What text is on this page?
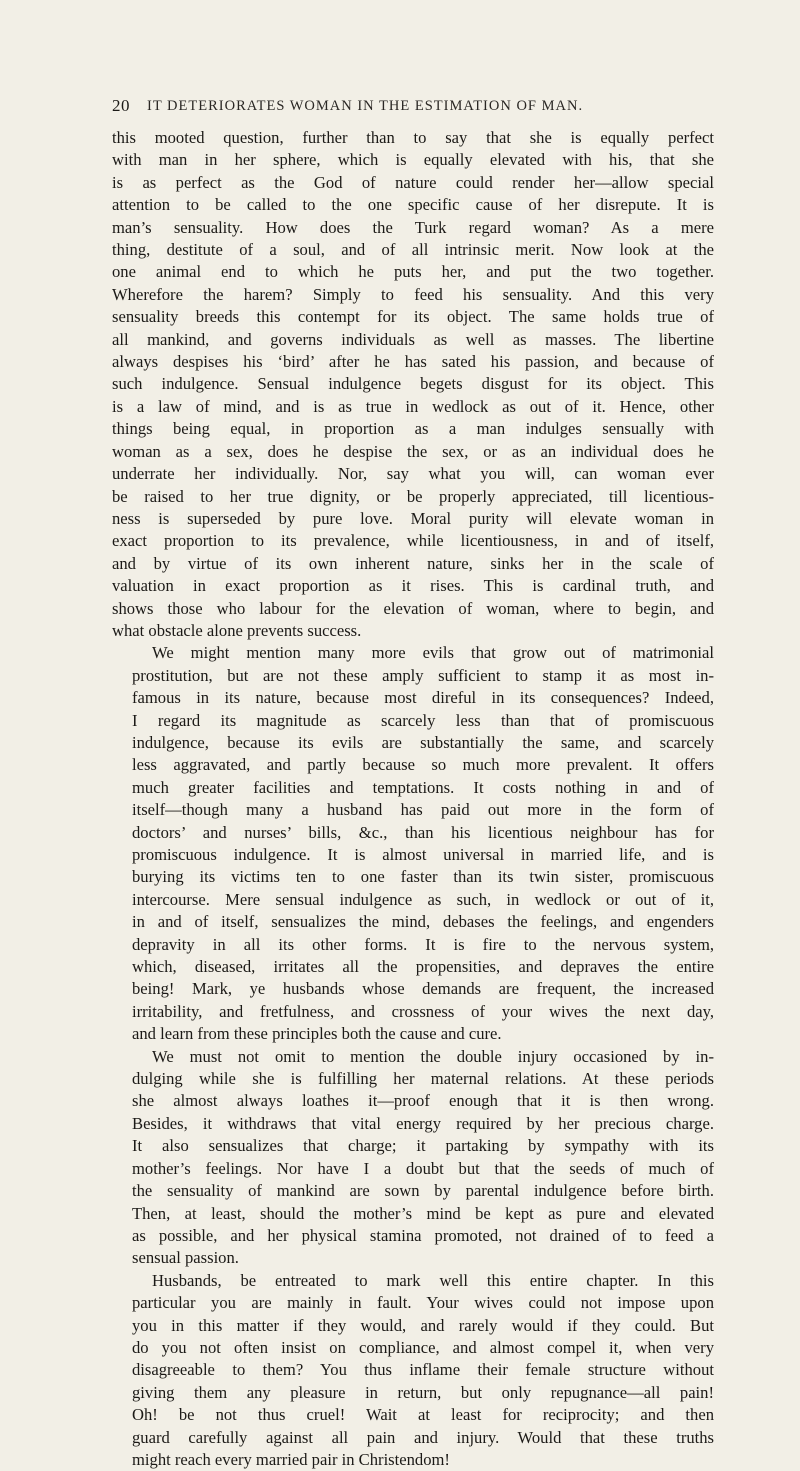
20 IT DETERIORATES WOMAN IN THE ESTIMATION OF MAN.

this mooted question, further than to say that she is equally perfect
with man in her sphere, which is equally elevated with his, that she
is as perfect as the God of nature could render her—allow special
attention to be called to the one specific cause of her disrepute. It is
man’s sensuality. How does the Turk regard woman? As a mere
thing, destitute of a soul, and of all intrinsic merit. Now look at the
one animal end to which he puts her, and put the two together.
Wherefore the harem? Simply to feed his sensuality. And this very
sensuality breeds this contempt for its object. The same holds true of
all mankind, and governs individuals as well as masses. The libertine
always despises his ‘bird’ after he has sated his passion, and because of
such indulgence. Sensual indulgence begets disgust for its object. This
is a law of mind, and is as true in wedlock as out of it. Hence, other
things being equal, in proportion as a man indulges sensually with
woman as a sex, does he despise the sex, or as an individual does he
underrate her individually. Nor, say what you will, can woman ever
be raised to her true dignity, or be properly appreciated, till licentious-
ness is superseded by pure love. Moral purity will elevate woman in
exact proportion to its prevalence, while licentiousness, in and of itself,
and by virtue of its own inherent nature, sinks her in the scale of
valuation in exact proportion as it rises. This is cardinal truth, and
shows those who labour for the elevation of woman, where to begin, and
what obstacle alone prevents success.

We might mention many more evils that grow out of matrimonial
prostitution, but are not these amply sufficient to stamp it as most in-
famous in its nature, because most direful in its consequences? Indeed,
I regard its magnitude as scarcely less than that of promiscuous
indulgence, because its evils are substantially the same, and scarcely
less aggravated, and partly because so much more prevalent. It offers
much greater facilities and temptations. It costs nothing in and of
itself—though many a husband has paid out more in the form of
doctors’ and nurses’ bills, &c., than his licentious neighbour has for
promiscuous indulgence. It is almost universal in married life, and is
burying its victims ten to one faster than its twin sister, promiscuous
intercourse. Mere sensual indulgence as such, in wedlock or out of it,
in and of itself, sensualizes the mind, debases the feelings, and engenders
depravity in all its other forms. It is fire to the nervous system,
which, diseased, irritates all the propensities, and depraves the entire
being! Mark, ye husbands whose demands are frequent, the increased
irritability, and fretfulness, and crossness of your wives the next day,
and learn from these principles both the cause and cure.

We must not omit to mention the double injury occasioned by in-
dulging while she is fulfilling her maternal relations. At these periods
she almost always loathes it—proof enough that it is then wrong.
Besides, it withdraws that vital energy required by her precious charge.
It also sensualizes that charge; it partaking by sympathy with its
mother’s feelings. Nor have I a doubt but that the seeds of much of
the sensuality of mankind are sown by parental indulgence before birth.
Then, at least, should the mother’s mind be kept as pure and elevated
as possible, and her physical stamina promoted, not drained of to feed a
sensual passion.

Husbands, be entreated to mark well this entire chapter. In this
particular you are mainly in fault. Your wives could not impose upon
you in this matter if they would, and rarely would if they could. But
do you not often insist on compliance, and almost compel it, when very
disagreeable to them? You thus inflame their female structure without
giving them any pleasure in return, but only repugnance—all pain!
Oh! be not thus cruel! Wait at least for reciprocity; and then
guard carefully against all pain and injury. Would that these truths
might reach every married pair in Christendom!
